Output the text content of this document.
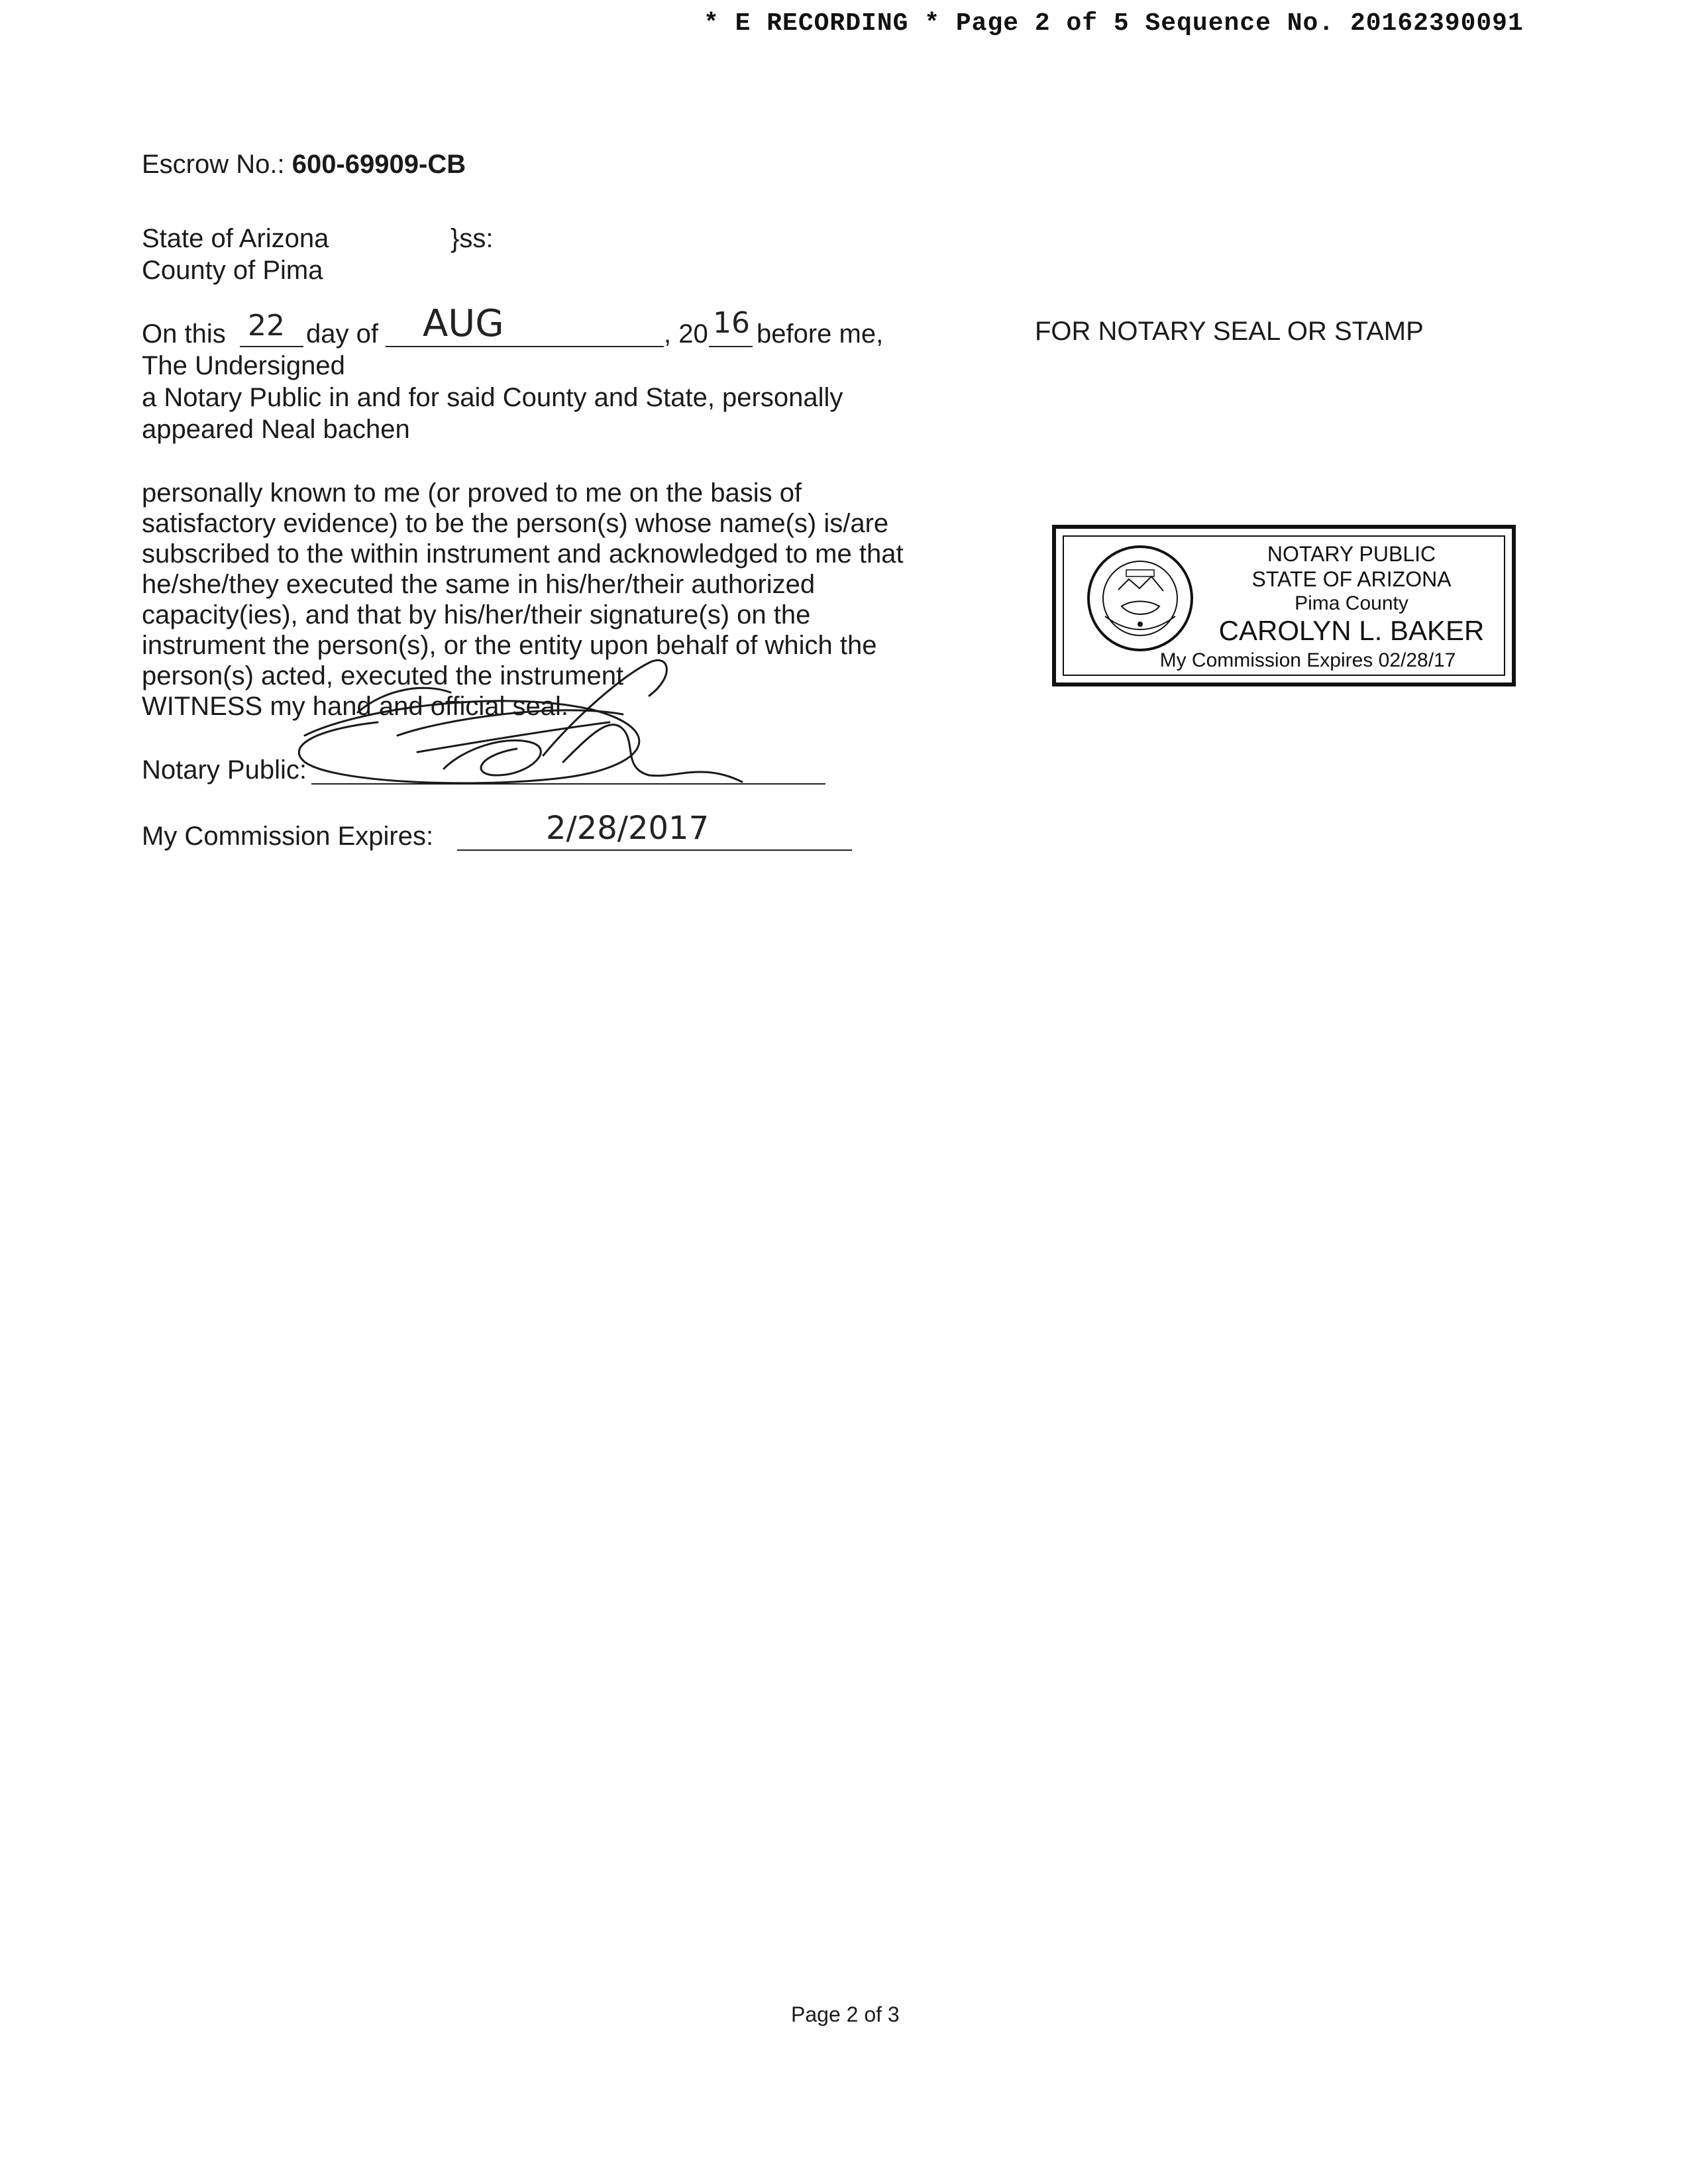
* E RECORDING * Page 2 of 5 Sequence No. 20162390091
Escrow No.: 600-69909-CB
State of Arizona	}ss:
County of Pima
On this 22 day of AUG	, 20 16 before me,
The Undersigned
a Notary Public in and for said County and State, personally
appeared Neal bachen
FOR NOTARY SEAL OR STAMP
personally known to me (or proved to me on the basis of
satisfactory evidence) to be the person(s) whose name(s) is/are
subscribed to the within instrument and acknowledged to me that
he/she/they executed the same in his/her/their authorized
capacity(ies), and that by his/her/their signature(s) on the
instrument the person(s), or the entity upon behalf of which the
person(s) acted, executed the instrument
WITNESS my hand and official seal.
Notary Public:
My Commission Expires:	2/28/2017
NOTARY PUBLIC
STATE OF ARIZONA
Pima County
CAROLYN L. BAKER
My Commission Expires 02/28/17
Page 2 of 3
